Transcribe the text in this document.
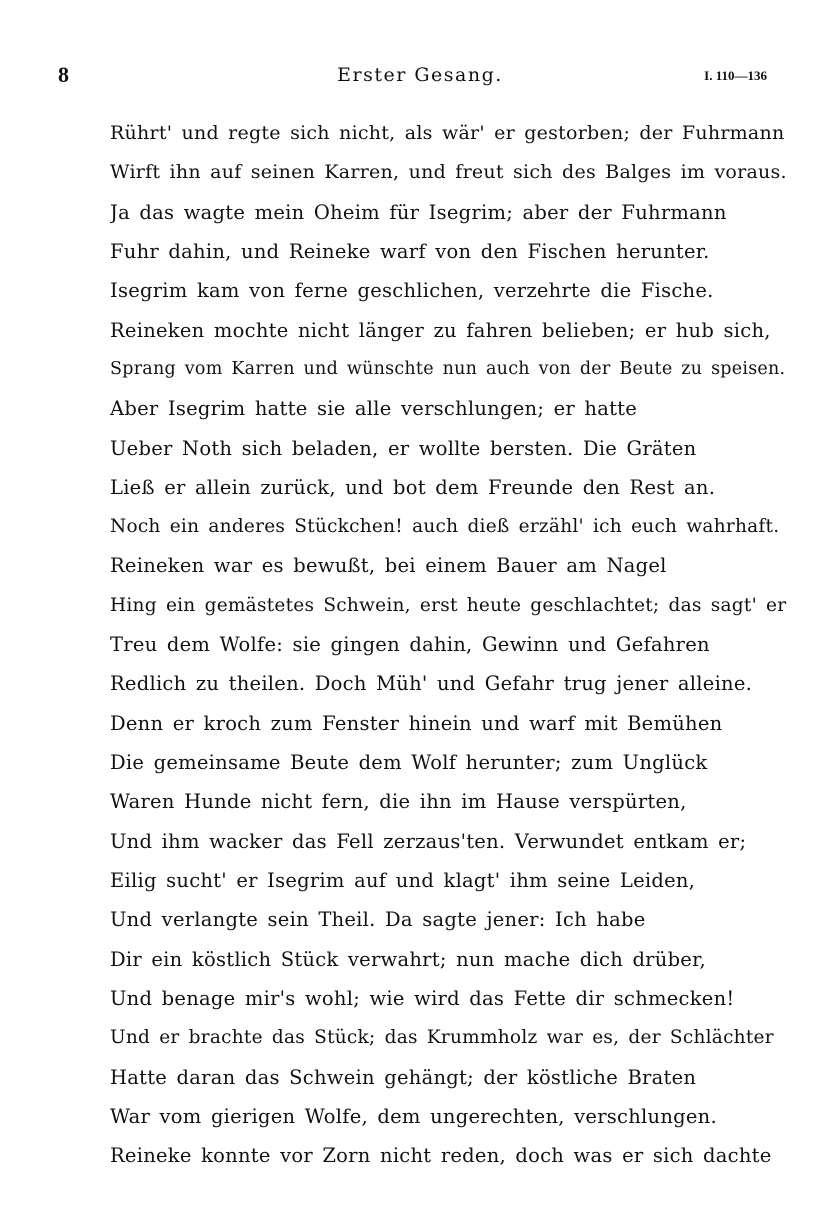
8	Erster Gesang.	I. 110—136
Rührt' und regte sich nicht, als wär' er gestorben; der Fuhrmann
Wirft ihn auf seinen Karren, und freut sich des Balges im voraus.
Ja das wagte mein Oheim für Isegrim; aber der Fuhrmann
Fuhr dahin, und Reineke warf von den Fischen herunter.
Isegrim kam von ferne geschlichen, verzehrte die Fische.
Reineken mochte nicht länger zu fahren belieben; er hub sich,
Sprang vom Karren und wünschte nun auch von der Beute zu speisen.
Aber Isegrim hatte sie alle verschlungen; er hatte
Ueber Noth sich beladen, er wollte bersten. Die Gräten
Ließ er allein zurück, und bot dem Freunde den Rest an.
Noch ein anderes Stückchen! auch dieß erzähl' ich euch wahrhaft.
Reineken war es bewußt, bei einem Bauer am Nagel
Hing ein gemästetes Schwein, erst heute geschlachtet; das sagt' er
Treu dem Wolfe: sie gingen dahin, Gewinn und Gefahren
Redlich zu theilen. Doch Müh' und Gefahr trug jener alleine.
Denn er kroch zum Fenster hinein und warf mit Bemühen
Die gemeinsame Beute dem Wolf herunter; zum Unglück
Waren Hunde nicht fern, die ihn im Hause verspürten,
Und ihm wacker das Fell zerzaus'ten. Verwundet entkam er;
Eilig sucht' er Isegrim auf und klagt' ihm seine Leiden,
Und verlangte sein Theil. Da sagte jener: Ich habe
Dir ein köstlich Stück verwahrt; nun mache dich drüber,
Und benage mir's wohl; wie wird das Fette dir schmecken!
Und er brachte das Stück; das Krummholz war es, der Schlächter
Hatte daran das Schwein gehängt; der köstliche Braten
War vom gierigen Wolfe, dem ungerechten, verschlungen.
Reineke konnte vor Zorn nicht reden, doch was er sich dachte
